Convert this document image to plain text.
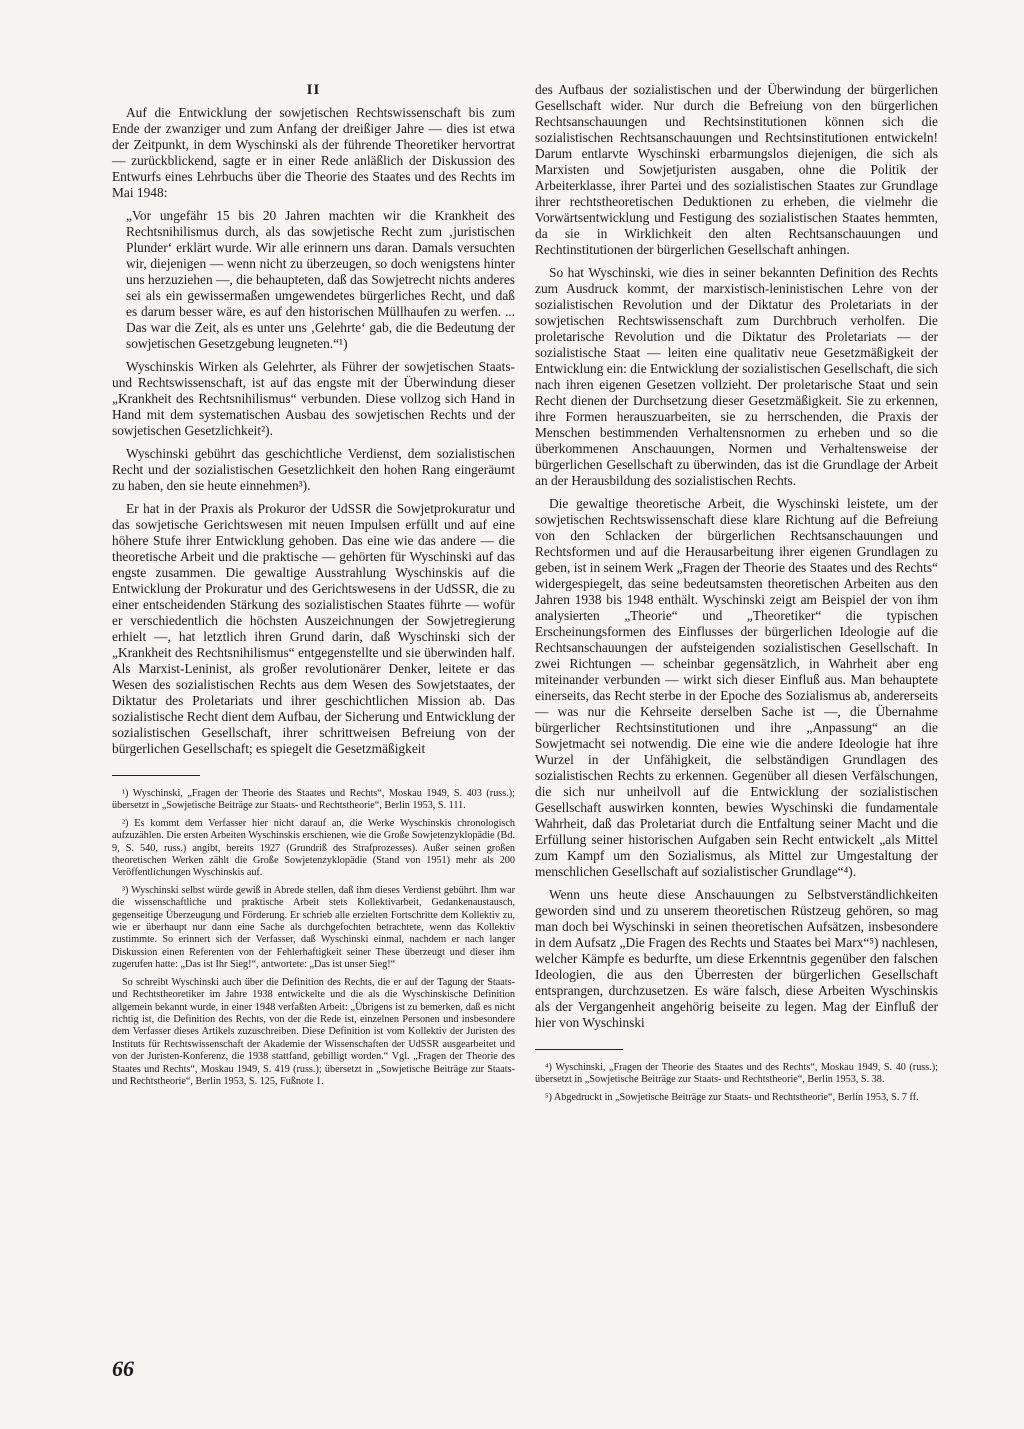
II

Auf die Entwicklung der sowjetischen Rechtswissenschaft bis zum Ende der zwanziger und zum Anfang der dreißiger Jahre — dies ist etwa der Zeitpunkt, in dem Wyschinski als der führende Theoretiker hervortrat — zurückblickend, sagte er in einer Rede anläßlich der Diskussion des Entwurfs eines Lehrbuchs über die Theorie des Staates und des Rechts im Mai 1948:

„Vor ungefähr 15 bis 20 Jahren machten wir die Krankheit des Rechtsnihilismus durch, als das sowjetische Recht zum ‚juristischen Plunder‘ erklärt wurde. Wir alle erinnern uns daran. Damals versuchten wir, diejenigen — wenn nicht zu überzeugen, so doch wenigstens hinter uns herzuziehen —, die behaupteten, daß das Sowjetrecht nichts anderes sei als ein gewissermaßen umgewendetes bürgerliches Recht, und daß es darum besser wäre, es auf den historischen Müllhaufen zu werfen. ... Das war die Zeit, als es unter uns ‚Gelehrte‘ gab, die die Bedeutung der sowjetischen Gesetzgebung leugneten.“¹)

Wyschinskis Wirken als Gelehrter, als Führer der sowjetischen Staats- und Rechtswissenschaft, ist auf das engste mit der Überwindung dieser „Krankheit des Rechtsnihilismus“ verbunden. Diese vollzog sich Hand in Hand mit dem systematischen Ausbau des sowjetischen Rechts und der sowjetischen Gesetzlichkeit²).

Wyschinski gebührt das geschichtliche Verdienst, dem sozialistischen Recht und der sozialistischen Gesetzlichkeit den hohen Rang eingeräumt zu haben, den sie heute einnehmen³).

Er hat in der Praxis als Prokuror der UdSSR die Sowjetprokuratur und das sowjetische Gerichtswesen mit neuen Impulsen erfüllt und auf eine höhere Stufe ihrer Entwicklung gehoben. Das eine wie das andere — die theoretische Arbeit und die praktische — gehörten für Wyschinski auf das engste zusammen. Die gewaltige Ausstrahlung Wyschinskis auf die Entwicklung der Prokuratur und des Gerichtswesens in der UdSSR, die zu einer entscheidenden Stärkung des sozialistischen Staates führte — wofür er verschiedentlich die höchsten Auszeichnungen der Sowjetregierung erhielt —, hat letztlich ihren Grund darin, daß Wyschinski sich der „Krankheit des Rechtsnihilismus“ entgegenstellte und sie überwinden half. Als Marxist-Leninist, als großer revolutionärer Denker, leitete er das Wesen des sozialistischen Rechts aus dem Wesen des Sowjetstaates, der Diktatur des Proletariats und ihrer geschichtlichen Mission ab. Das sozialistische Recht dient dem Aufbau, der Sicherung und Entwicklung der sozialistischen Gesellschaft, ihrer schrittweisen Befreiung von der bürgerlichen Gesellschaft; es spiegelt die Gesetzmäßigkeit

¹) Wyschinski, „Fragen der Theorie des Staates und Rechts“, Moskau 1949, S. 403 (russ.); übersetzt in „Sowjetische Beiträge zur Staats- und Rechtstheorie“, Berlin 1953, S. 111.

²) Es kommt dem Verfasser hier nicht darauf an, die Werke Wyschinskis chronologisch aufzuzählen. Die ersten Arbeiten Wyschinskis erschienen, wie die Große Sowjetenzyklopädie (Bd. 9, S. 540, russ.) angibt, bereits 1927 (Grundriß des Strafprozesses). Außer seinen großen theoretischen Werken zählt die Große Sowjetenzyklopädie (Stand von 1951) mehr als 200 Veröffentlichungen Wyschinskis auf.

³) Wyschinski selbst würde gewiß in Abrede stellen, daß ihm dieses Verdienst gebührt. Ihm war die wissenschaftliche und praktische Arbeit stets Kollektivarbeit, Gedankenaustausch, gegenseitige Überzeugung und Förderung. Er schrieb alle erzielten Fortschritte dem Kollektiv zu, wie er überhaupt nur dann eine Sache als durchgefochten betrachtete, wenn das Kollektiv zustimmte. So erinnert sich der Verfasser, daß Wyschinski einmal, nachdem er nach langer Diskussion einen Referenten von der Fehlerhaftigkeit seiner These überzeugt und dieser ihm zugerufen hatte: „Das ist Ihr Sieg!“, antwortete: „Das ist unser Sieg!“

So schreibt Wyschinski auch über die Definition des Rechts, die er auf der Tagung der Staats- und Rechtstheoretiker im Jahre 1938 entwickelte und die als die Wyschinskische Definition allgemein bekannt wurde, in einer 1948 verfaßten Arbeit: „Übrigens ist zu bemerken, daß es nicht richtig ist, die Definition des Rechts, von der die Rede ist, einzelnen Personen und insbesondere dem Verfasser dieses Artikels zuzuschreiben. Diese Definition ist vom Kollektiv der Juristen des Instituts für Rechtswissenschaft der Akademie der Wissenschaften der UdSSR ausgearbeitet und von der Juristen-Konferenz, die 1938 stattfand, gebilligt worden.“ Vgl. „Fragen der Theorie des Staates und Rechts“, Moskau 1949, S. 419 (russ.); übersetzt in „Sowjetische Beiträge zur Staats- und Rechtstheorie“, Berlin 1953, S. 125, Fußnote 1.

des Aufbaus der sozialistischen und der Überwindung der bürgerlichen Gesellschaft wider. Nur durch die Befreiung von den bürgerlichen Rechtsanschauungen und Rechtsinstitutionen können sich die sozialistischen Rechtsanschauungen und Rechtsinstitutionen entwickeln! Darum entlarvte Wyschinski erbarmungslos diejenigen, die sich als Marxisten und Sowjetjuristen ausgaben, ohne die Politik der Arbeiterklasse, ihrer Partei und des sozialistischen Staates zur Grundlage ihrer rechtstheoretischen Deduktionen zu erheben, die vielmehr die Vorwärtsentwicklung und Festigung des sozialistischen Staates hemmten, da sie in Wirklichkeit den alten Rechtsanschauungen und Rechtinstitutionen der bürgerlichen Gesellschaft anhingen.

So hat Wyschinski, wie dies in seiner bekannten Definition des Rechts zum Ausdruck kommt, der marxistisch-leninistischen Lehre von der sozialistischen Revolution und der Diktatur des Proletariats in der sowjetischen Rechtswissenschaft zum Durchbruch verholfen. Die proletarische Revolution und die Diktatur des Proletariats — der sozialistische Staat — leiten eine qualitativ neue Gesetzmäßigkeit der Entwicklung ein: die Entwicklung der sozialistischen Gesellschaft, die sich nach ihren eigenen Gesetzen vollzieht. Der proletarische Staat und sein Recht dienen der Durchsetzung dieser Gesetzmäßigkeit. Sie zu erkennen, ihre Formen herauszuarbeiten, sie zu herrschenden, die Praxis der Menschen bestimmenden Verhaltensnormen zu erheben und so die überkommenen Anschauungen, Normen und Verhaltensweise der bürgerlichen Gesellschaft zu überwinden, das ist die Grundlage der Arbeit an der Herausbildung des sozialistischen Rechts.

Die gewaltige theoretische Arbeit, die Wyschinski leistete, um der sowjetischen Rechtswissenschaft diese klare Richtung auf die Befreiung von den Schlacken der bürgerlichen Rechtsanschauungen und Rechtsformen und auf die Herausarbeitung ihrer eigenen Grundlagen zu geben, ist in seinem Werk „Fragen der Theorie des Staates und des Rechts“ widergespiegelt, das seine bedeutsamsten theoretischen Arbeiten aus den Jahren 1938 bis 1948 enthält. Wyschinski zeigt am Beispiel der von ihm analysierten „Theorie“ und „Theoretiker“ die typischen Erscheinungsformen des Einflusses der bürgerlichen Ideologie auf die Rechtsanschauungen der aufsteigenden sozialistischen Gesellschaft. In zwei Richtungen — scheinbar gegensätzlich, in Wahrheit aber eng miteinander verbunden — wirkt sich dieser Einfluß aus. Man behauptete einerseits, das Recht sterbe in der Epoche des Sozialismus ab, andererseits — was nur die Kehrseite derselben Sache ist —, die Übernahme bürgerlicher Rechtsinstitutionen und ihre „Anpassung“ an die Sowjetmacht sei notwendig. Die eine wie die andere Ideologie hat ihre Wurzel in der Unfähigkeit, die selbständigen Grundlagen des sozialistischen Rechts zu erkennen. Gegenüber all diesen Verfälschungen, die sich nur unheilvoll auf die Entwicklung der sozialistischen Gesellschaft auswirken konnten, bewies Wyschinski die fundamentale Wahrheit, daß das Proletariat durch die Entfaltung seiner Macht und die Erfüllung seiner historischen Aufgaben sein Recht entwickelt „als Mittel zum Kampf um den Sozialismus, als Mittel zur Umgestaltung der menschlichen Gesellschaft auf sozialistischer Grundlage“⁴).

Wenn uns heute diese Anschauungen zu Selbstverständlichkeiten geworden sind und zu unserem theoretischen Rüstzeug gehören, so mag man doch bei Wyschinski in seinen theoretischen Aufsätzen, insbesondere in dem Aufsatz „Die Fragen des Rechts und Staates bei Marx“⁵) nachlesen, welcher Kämpfe es bedurfte, um diese Erkenntnis gegenüber den falschen Ideologien, die aus den Überresten der bürgerlichen Gesellschaft entsprangen, durchzusetzen. Es wäre falsch, diese Arbeiten Wyschinskis als der Vergangenheit angehörig beiseite zu legen. Mag der Einfluß der hier von Wyschinski

⁴) Wyschinski, „Fragen der Theorie des Staates und des Rechts“, Moskau 1949, S. 40 (russ.); übersetzt in „Sowjetische Beiträge zur Staats- und Rechtstheorie“, Berlin 1953, S. 38.

⁵) Abgedruckt in „Sowjetische Beiträge zur Staats- und Rechtstheorie“, Berlin 1953, S. 7 ff.

66
